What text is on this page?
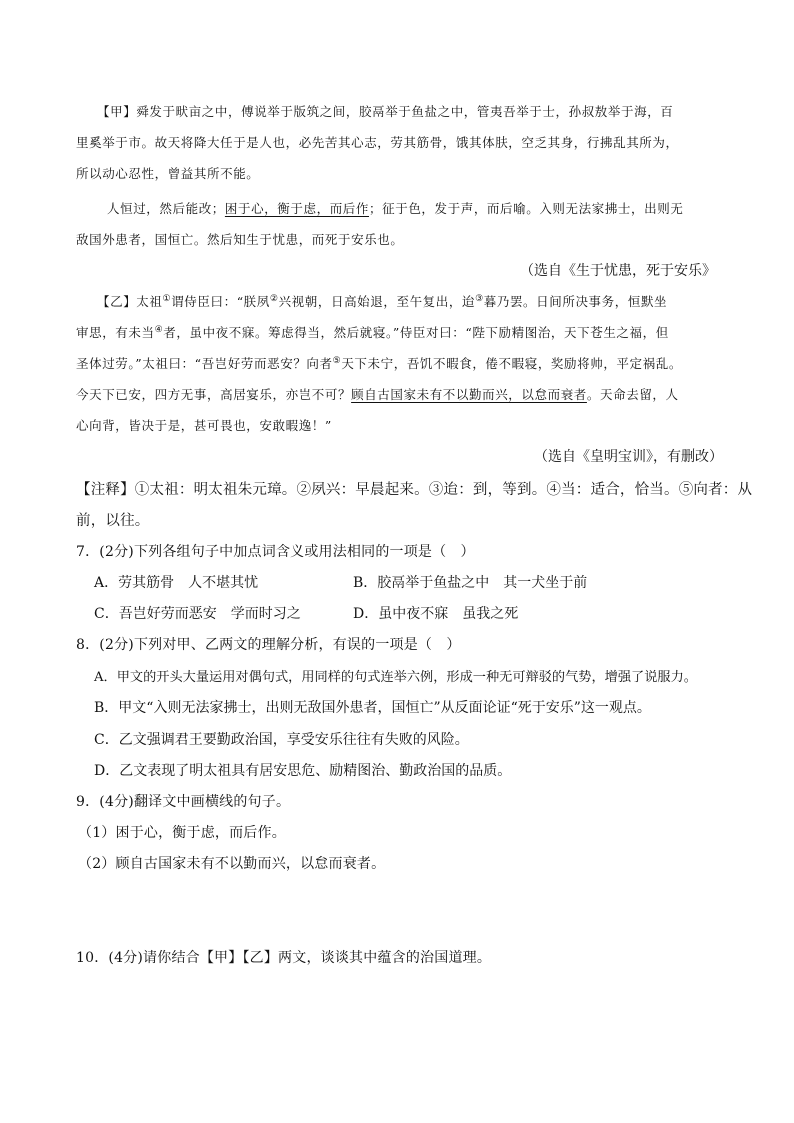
【甲】舜发于畎亩之中，傅说举于版筑之间，胶鬲举于鱼盐之中，管夷吾举于士，孙叔敖举于海，百
里奚举于市。故天将降大任于是人也，必先苦其心志，劳其筋骨，饿其体肤，空乏其身，行拂乱其所为，
所以动心忍性，曾益其所不能。
人恒过，然后能改；困于心，衡于虑，而后作；征于色，发于声，而后喻。入则无法家拂士，出则无
敌国外患者，国恒亡。然后知生于忧患，而死于安乐也。
（选自《生于忧患，死于安乐》
【乙】太祖①谓侍臣曰：“朕夙②兴视朝，日高始退，至午复出，迨③暮乃罢。日间所决事务，恒默坐
审思，有未当④者，虽中夜不寐。筹虑得当，然后就寝。”侍臣对曰：“陛下励精图治，天下苍生之福，但
圣体过劳。”太祖曰：“吾岂好劳而恶安？向者⑤天下未宁，吾饥不暇食，倦不暇寝，奖励将帅，平定祸乱。
今天下已安，四方无事，高居宴乐，亦岂不可？顾自古国家未有不以勤而兴，以怠而衰者。天命去留，人
心向背，皆决于是，甚可畏也，安敢暇逸！”
（选自《皇明宝训》，有删改）
【注释】①太祖：明太祖朱元璋。②夙兴：早晨起来。③迨：到，等到。④当：适合，恰当。⑤向者：从
前，以往。
7．(2分)下列各组句子中加点词含义或用法相同的一项是（　）
A．劳其筋骨　人不堪其忧	B．胶鬲举于鱼盐之中　其一犬坐于前
C．吾岂好劳而恶安　学而时习之	D．虽中夜不寐　虽我之死
8．(2分)下列对甲、乙两文的理解分析，有误的一项是（　）
A．甲文的开头大量运用对偶句式，用同样的句式连举六例，形成一种无可辩驳的气势，增强了说服力。
B．甲文“入则无法家拂士，出则无敌国外患者，国恒亡”从反面论证“死于安乐”这一观点。
C．乙文强调君王要勤政治国，享受安乐往往有失败的风险。
D．乙文表现了明太祖具有居安思危、励精图治、勤政治国的品质。
9．(4分)翻译文中画横线的句子。
（1）困于心，衡于虑，而后作。
（2）顾自古国家未有不以勤而兴，以怠而衰者。
10．(4分)请你结合【甲】【乙】两文，谈谈其中蕴含的治国道理。
